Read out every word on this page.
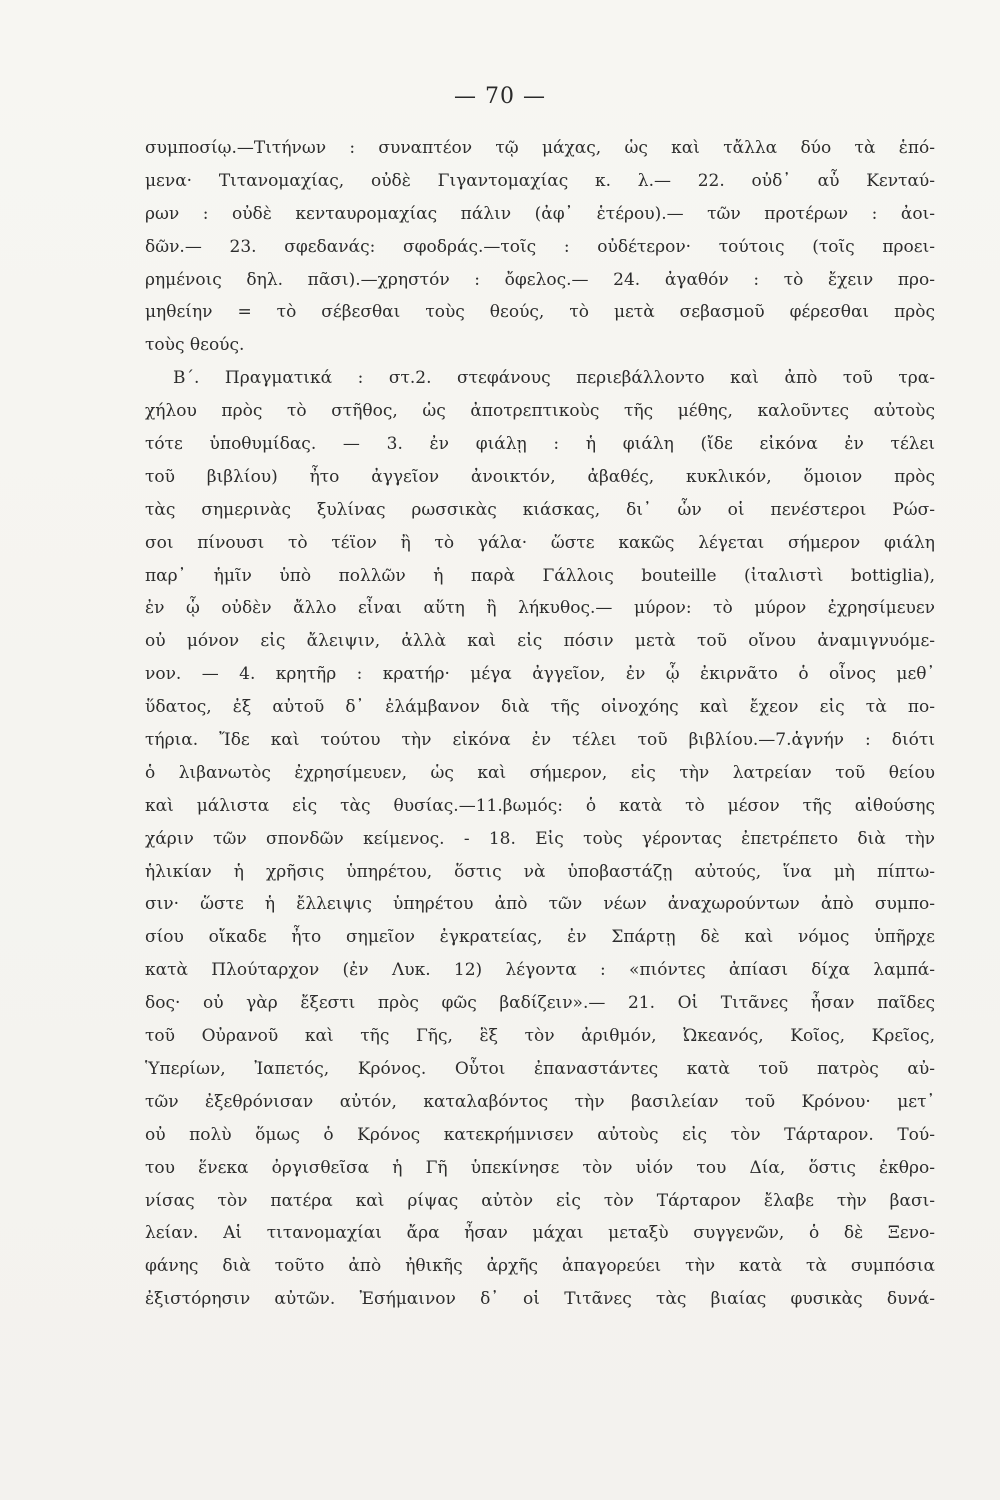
— 70 —
συμποσίῳ.—Τιτήνων : συναπτέον τῷ μάχας, ὡς καὶ τἄλλα δύο τὰ ἑπό-
μενα· Τιτανομαχίας, οὐδὲ Γιγαντομαχίας κ. λ.— 22. οὐδ᾽ αὖ Κενταύ-
ρων : οὐδὲ κενταυρομαχίας πάλιν (ἀφ᾽ ἑτέρου).— τῶν προτέρων : ἀοι-
δῶν.— 23. σφεδανάς: σφοδράς.—τοῖς : οὐδέτερον· τούτοις (τοῖς προει-
ρημένοις δηλ. πᾶσι).—χρηστόν : ὄφελος.— 24. ἀγαθόν : τὸ ἔχειν προ-
μηθείην = τὸ σέβεσθαι τοὺς θεούς, τὸ μετὰ σεβασμοῦ φέρεσθαι πρὸς
τοὺς θεούς.
Β΄. Πραγματικά : στ.2. στεφάνους περιεβάλλοντο καὶ ἀπὸ τοῦ τρα-
χήλου πρὸς τὸ στῆθος, ὡς ἀποτρεπτικοὺς τῆς μέθης, καλοῦντες αὐτοὺς
τότε ὑποθυμίδας. — 3. ἐν φιάλῃ : ἡ φιάλη (ἴδε εἰκόνα ἐν τέλει
τοῦ βιβλίου) ἦτο ἀγγεῖον ἀνοικτόν, ἀβαθές, κυκλικόν, ὅμοιον πρὸς
τὰς σημερινὰς ξυλίνας ρωσσικὰς κιάσκας, δι᾽ ὧν οἱ πενέστεροι Ρώσ-
σοι πίνουσι τὸ τέϊον ἢ τὸ γάλα· ὥστε κακῶς λέγεται σήμερον φιάλη
παρ᾽ ἡμῖν ὑπὸ πολλῶν ἡ παρὰ Γάλλοις bouteille (ἰταλιστὶ bottiglia),
ἐν ᾧ οὐδὲν ἄλλο εἶναι αὕτη ἢ λήκυθος.— μύρον: τὸ μύρον ἐχρησίμευεν
οὐ μόνον εἰς ἄλειψιν, ἀλλὰ καὶ εἰς πόσιν μετὰ τοῦ οἴνου ἀναμιγνυόμε-
νον. — 4. κρητῆρ : κρατήρ· μέγα ἀγγεῖον, ἐν ᾧ ἐκιρνᾶτο ὁ οἶνος μεθ᾽
ὕδατος, ἐξ αὐτοῦ δ᾽ ἐλάμβανον διὰ τῆς οἰνοχόης καὶ ἔχεον εἰς τὰ πο-
τήρια. Ἴδε καὶ τούτου τὴν εἰκόνα ἐν τέλει τοῦ βιβλίου.—7.ἁγνήν : διότι
ὁ λιβανωτὸς ἐχρησίμευεν, ὡς καὶ σήμερον, εἰς τὴν λατρείαν τοῦ θείου
καὶ μάλιστα εἰς τὰς θυσίας.—11.βωμός: ὁ κατὰ τὸ μέσον τῆς αἰθούσης
χάριν τῶν σπονδῶν κείμενος. - 18. Εἰς τοὺς γέροντας ἐπετρέπετο διὰ τὴν
ἡλικίαν ἡ χρῆσις ὑπηρέτου, ὅστις νὰ ὑποβαστάζῃ αὐτούς, ἵνα μὴ πίπτω-
σιν· ὥστε ἡ ἔλλειψις ὑπηρέτου ἀπὸ τῶν νέων ἀναχωρούντων ἀπὸ συμπο-
σίου οἴκαδε ἦτο σημεῖον ἐγκρατείας, ἐν Σπάρτῃ δὲ καὶ νόμος ὑπῆρχε
κατὰ Πλούταρχον (ἐν Λυκ. 12) λέγοντα : «πιόντες ἀπίασι δίχα λαμπά-
δος· οὐ γὰρ ἔξεστι πρὸς φῶς βαδίζειν».— 21. Οἱ Τιτᾶνες ἦσαν παῖδες
τοῦ Οὐρανοῦ καὶ τῆς Γῆς, ἓξ τὸν ἀριθμόν, Ὠκεανός, Κοῖος, Κρεῖος,
Ὑπερίων, Ἰαπετός, Κρόνος. Οὗτοι ἐπαναστάντες κατὰ τοῦ πατρὸς αὐ-
τῶν ἐξεθρόνισαν αὐτόν, καταλαβόντος τὴν βασιλείαν τοῦ Κρόνου· μετ᾽
οὐ πολὺ ὅμως ὁ Κρόνος κατεκρήμνισεν αὐτοὺς εἰς τὸν Τάρταρον. Τού-
του ἕνεκα ὀργισθεῖσα ἡ Γῆ ὑπεκίνησε τὸν υἱόν του Δία, ὅστις ἐκθρο-
νίσας τὸν πατέρα καὶ ρίψας αὐτὸν εἰς τὸν Τάρταρον ἔλαβε τὴν βασι-
λείαν. Αἱ τιτανομαχίαι ἄρα ἦσαν μάχαι μεταξὺ συγγενῶν, ὁ δὲ Ξενο-
φάνης διὰ τοῦτο ἀπὸ ἠθικῆς ἀρχῆς ἀπαγορεύει τὴν κατὰ τὰ συμπόσια
ἐξιστόρησιν αὐτῶν. Ἐσήμαινον δ᾽ οἱ Τιτᾶνες τὰς βιαίας φυσικὰς δυνά-
